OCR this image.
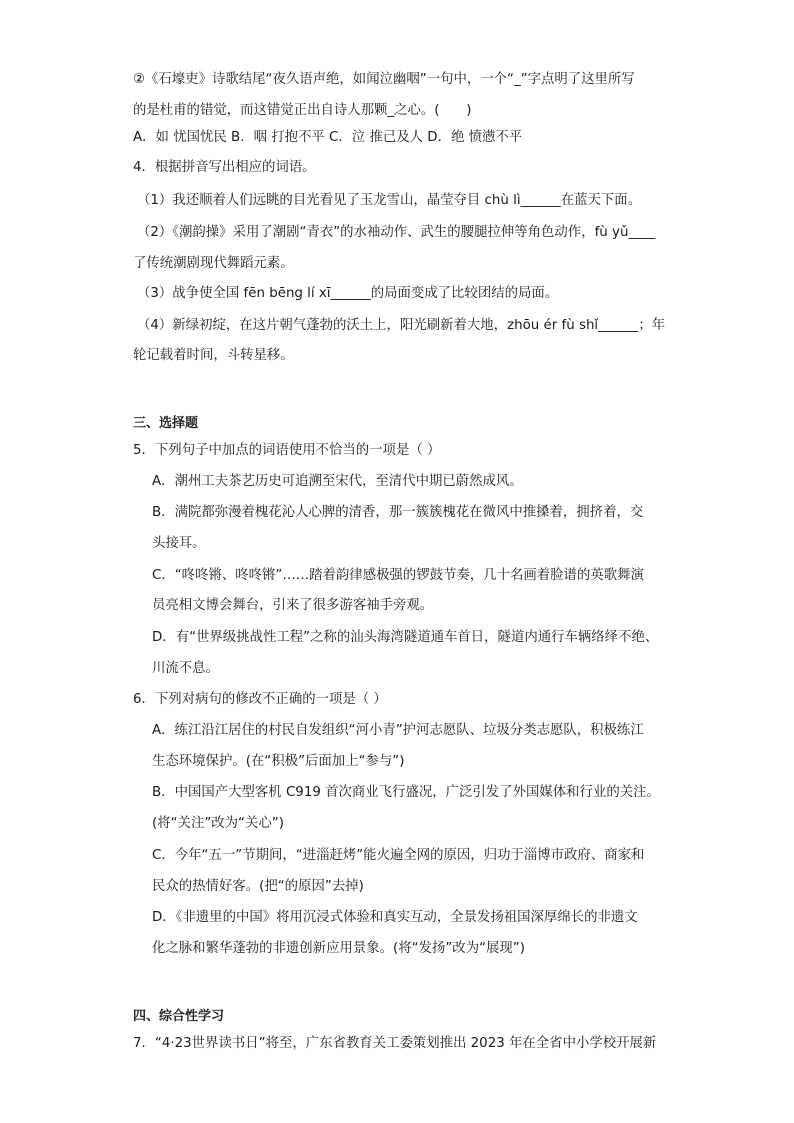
②《石壕吏》诗歌结尾“夜久语声绝，如闻泣幽咽”一句中，一个“_”字点明了这里所写
的是杜甫的错觉，而这错觉正出自诗人那颗_之心。(　　)
A．如 忧国忧民 B．咽 打抱不平 C．泣 推己及人 D．绝 愤懑不平
4．根据拼音写出相应的词语。
（1）我还顺着人们远眺的目光看见了玉龙雪山，晶莹夺目 chù lì______在蓝天下面。
（2）《潮韵操》采用了潮剧“青衣”的水袖动作、武生的腰腿拉伸等角色动作，fù yǔ____
了传统潮剧现代舞蹈元素。
（3）战争使全国 fēn bēng lí xī______的局面变成了比较团结的局面。
（4）新绿初绽，在这片朝气蓬勃的沃土上，阳光刷新着大地，zhōu ér fù shǐ______；年
轮记载着时间，斗转星移。
三、选择题
5．下列句子中加点的词语使用不恰当的一项是（ ）
A．潮州工夫茶艺历史可追溯至宋代，至清代中期已蔚然成风。
B．满院都弥漫着槐花沁人心脾的清香，那一簇簇槐花在微风中推搡着，拥挤着，交
头接耳。
C．“咚咚锵、咚咚锵”……踏着韵律感极强的锣鼓节奏，几十名画着脸谱的英歌舞演
员亮相文博会舞台，引来了很多游客袖手旁观。
D．有“世界级挑战性工程”之称的汕头海湾隧道通车首日，隧道内通行车辆络绎不绝、
川流不息。
6．下列对病句的修改不正确的一项是（ ）
A．练江沿江居住的村民自发组织“河小青”护河志愿队、垃圾分类志愿队，积极练江
生态环境保护。(在“积极”后面加上“参与”)
B．中国国产大型客机 C919 首次商业飞行盛况，广泛引发了外国媒体和行业的关注。
(将“关注”改为“关心”)
C．今年“五一”节期间，“进淄赶烤”能火遍全网的原因，归功于淄博市政府、商家和
民众的热情好客。(把“的原因”去掉)
D．《非遗里的中国》将用沉浸式体验和真实互动，全景发扬祖国深厚绵长的非遗文
化之脉和繁华蓬勃的非遗创新应用景象。(将“发扬”改为“展现”)
四、综合性学习
7．“4·23世界读书日”将至，广东省教育关工委策划推出 2023 年在全省中小学校开展新
